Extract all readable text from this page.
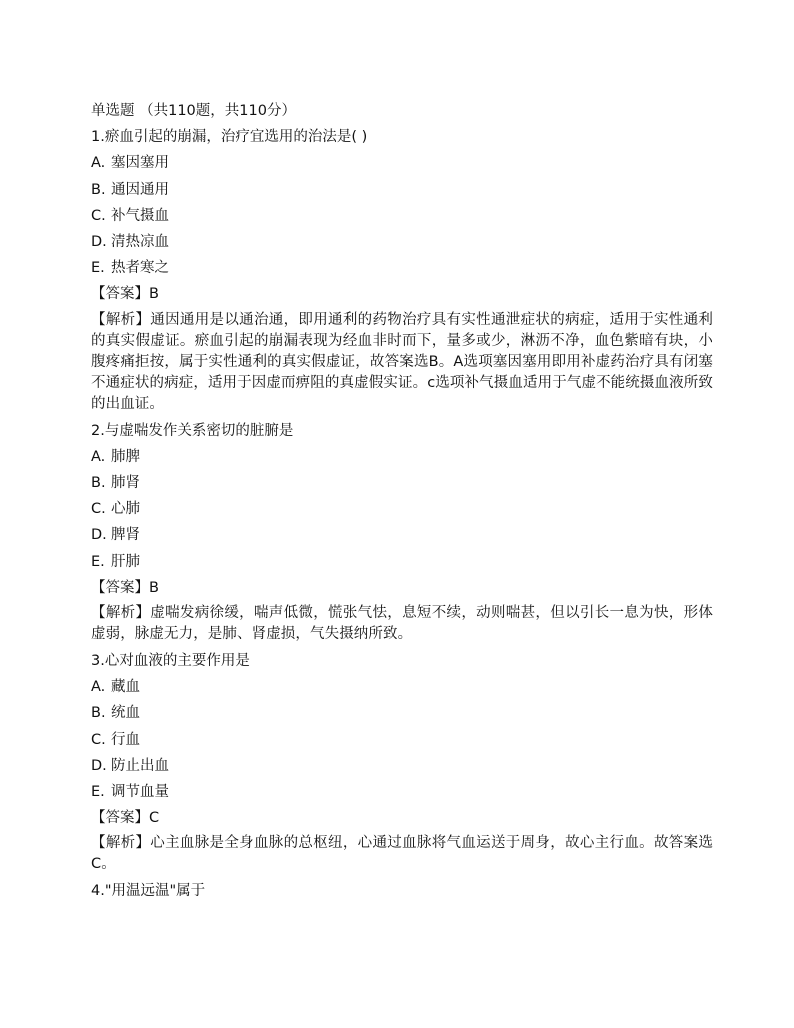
单选题 （共110题，共110分）
1.瘀血引起的崩漏，治疗宜选用的治法是( )
A. 塞因塞用
B. 通因通用
C. 补气摄血
D. 清热凉血
E. 热者寒之
【答案】B
【解析】通因通用是以通治通，即用通利的药物治疗具有实性通泄症状的病症，适用于实性通利的真实假虚证。瘀血引起的崩漏表现为经血非时而下，量多或少，淋沥不净，血色紫暗有块，小腹疼痛拒按，属于实性通利的真实假虚证，故答案选B。A选项塞因塞用即用补虚药治疗具有闭塞不通症状的病症，适用于因虚而痹阻的真虚假实证。c选项补气摄血适用于气虚不能统摄血液所致的出血证。
2.与虚喘发作关系密切的脏腑是
A. 肺脾
B. 肺肾
C. 心肺
D. 脾肾
E. 肝肺
【答案】B
【解析】虚喘发病徐缓，喘声低微，慌张气怯，息短不续，动则喘甚，但以引长一息为快，形体虚弱，脉虚无力，是肺、肾虚损，气失摄纳所致。
3.心对血液的主要作用是
A. 藏血
B. 统血
C. 行血
D. 防止出血
E. 调节血量
【答案】C
【解析】心主血脉是全身血脉的总枢纽，心通过血脉将气血运送于周身，故心主行血。故答案选C。
4."用温远温"属于
